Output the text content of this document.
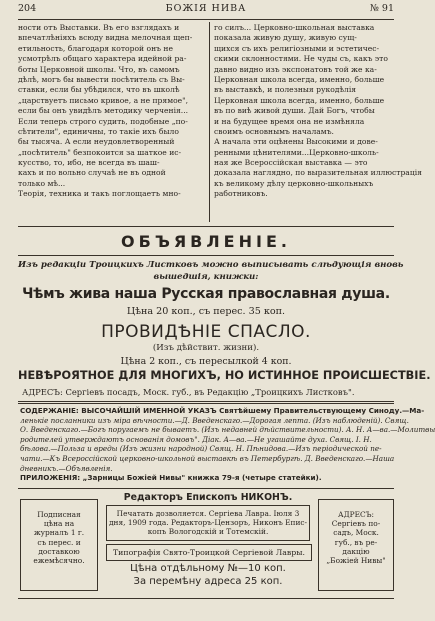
204	БОЖІЯ НИВА	№ 91

ности отъ Выставки. Въ его взглядахъ и

впечатлѣніяхъ всюду видна мелочная щеп-

етильность, благодаря которой онъ не

усмотрѣлъ общаго характера идейной ра-

боты Церковной школы. Что, въ самомъ

дѣлѣ, могъ бы вывести посѣтитель съ Вы-

ставки, если бы убѣдился, что въ школѣ

„царствуетъ письмо кривое, а не прямое",

если бы онъ увидѣлъ методику черченія...

Если теперь строго судить, подобные „по-

сѣтители", единичны, то такіе ихъ было

бы тысяча. А если неудовлетворенный

„посѣтитель" безпокоится за шаткое ис-

кусство, то, ибо, не всегда въ шаш-

кахъ и по вольно случаѣ не въ одной

только мѣ...

Теорія, техника и такъ поглощаетъ мно-

го силъ... Церковно-школьная выставка

показала живую душу, живую сущ-

щихся съ ихъ религіозными и эстетичес-

скими склонностями. Не чуды съ, какъ это

давно видно изъ экспонатовъ той же ка-

Церковная школа всегда, именно, больше

въ выставкѣ, и полезныя рукодѣлія

Церковная школа всегда, именно, больше

въ по виѣ живой души. Дай Богъ, чтобы

и на будущее время она не измѣняла

своимъ основнымъ началамъ.

А начала эти оцѣнены Высокими и дове-

ренными цѣнителями...Церковно-школь-

ная же Всероссійская выставка — это

доказала наглядно, по выразительная иллюстрація

къ великому дѣлу церковно-школьныхъ

работниковъ.

ОБЪЯВЛЕНІЕ.
Изъ редакціи Троицкихъ Листковъ можно выписывать слѣдующія вновь
вышедшія, книжки:
Чѣмъ жива наша Русская православная душа.
Цѣна 20 коп., съ перес. 35 коп.
ПРОВИДѢНІЕ СПАСЛО.
(Изъ дѣйствит. жизни).
Цѣна 2 коп., съ пересылкой 4 коп.
НЕВѢРОЯТНОЕ ДЛЯ МНОГИХЪ, НО ИСТИННОЕ ПРОИСШЕСТВІЕ.
АДРЕСЪ: Сергіевъ посадъ, Моск. губ., въ Редакцію „Троицкихъ Листковъ".

СОДЕРЖАНІЕ: ВЫСОЧАЙШІЙ ИМЕННОЙ УКАЗЪ Святѣйшему Правительствующему Синоду.—Ма-

ленькіе посланники изъ міра вѣчности.—Д. Введенскаго.—Дорогая лепта. (Изъ наблюденій). Свящ.

О. Введенскаго.—Богъ поругаемъ не бываетъ. (Изъ недавней дѣйствительности). А. Н. А—ва.—Молитвы

родителей утверждаютъ основанія домовъ". Діак. А—ва.—Не угашайте духа. Свящ. І. Н.

бѣлова.—Польза и вреды (Изъ жизни народной) Свящ. Н. Пѣнидова.—Изъ періодической пе-

чати.—Къ Всероссійской церковно-школьной выставкѣ въ Петербургѣ. Д. Введенскаго.—Наша

дневникъ.—Объявленія.

ПРИЛОЖЕНІЯ: „Зарницы Божіей Нивы" книжка 79-я (четыре статейки).

Подписная

цѣна на

журналъ 1 г.

съ перес. и

доставкою

ежемѣсячно.

Редакторъ Епископъ НИКОНЪ.

Печатать дозволяется. Сергіева Лавра. Іюля 3

дня, 1909 года. Редакторъ-Цензоръ, Никонъ Епис-

копъ Вологодскій и Тотемскій.

Типографія Свято-Троицкой Сергіевой Лавры.
Цѣна отдѣльному №—10 коп.
За перемѣну адреса 25 коп.

АДРЕСЪ:

Сергіевъ по-

садъ, Моск.

губ., въ ре-

дакцію

„Божіей Нивы"
